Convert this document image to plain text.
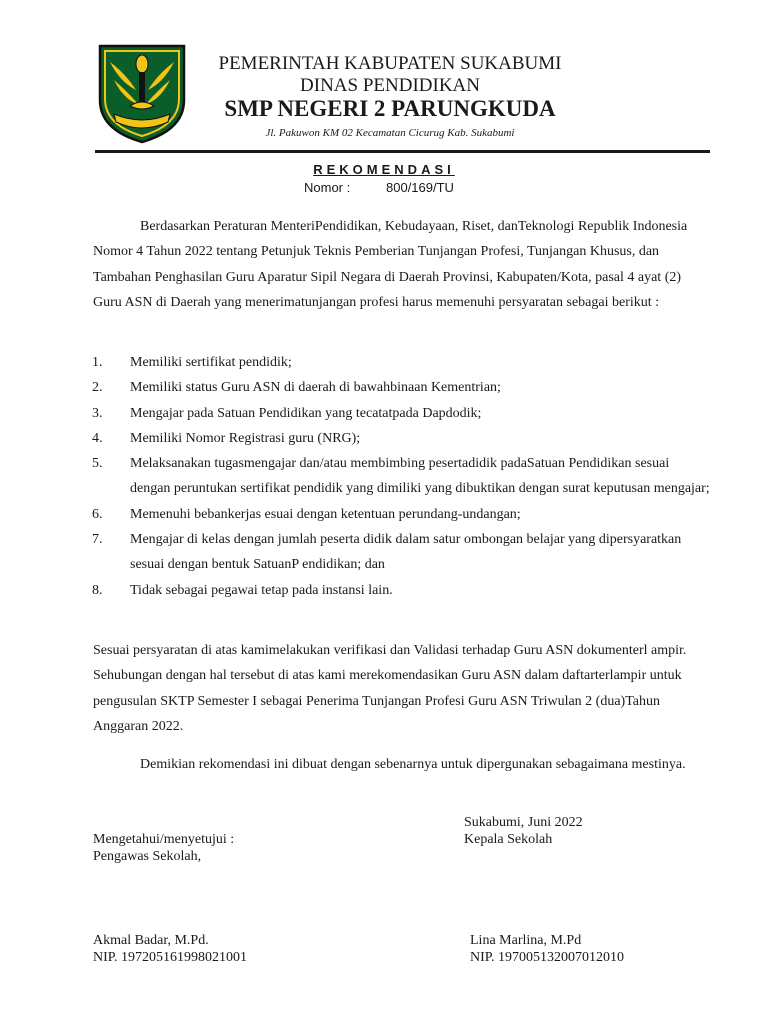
PEMERINTAH KABUPATEN SUKABUMI
DINAS PENDIDIKAN
SMP NEGERI 2 PARUNGKUDA
Jl. Pakuwon KM 02 Kecamatan Cicurug Kab. Sukabumi
REKOMENDASI
Nomor :	800/169/TU

Berdasarkan Peraturan MenteriPendidikan, Kebudayaan, Riset, danTeknologi Republik Indonesia Nomor 4 Tahun 2022 tentang Petunjuk Teknis Pemberian Tunjangan Profesi, Tunjangan Khusus, dan Tambahan Penghasilan Guru Aparatur Sipil Negara di Daerah Provinsi, Kabupaten/Kota, pasal 4 ayat (2) Guru ASN di Daerah yang menerimatunjangan profesi harus memenuhi persyaratan sebagai berikut :

1. Memiliki sertifikat pendidik;
2. Memiliki status Guru ASN di daerah di bawahbinaan Kementrian;
3. Mengajar pada Satuan Pendidikan yang tecatatpada Dapdodik;
4. Memiliki Nomor Registrasi guru (NRG);
5. Melaksanakan tugasmengajar dan/atau membimbing pesertadidik padaSatuan Pendidikan sesuai dengan peruntukan sertifikat pendidik yang dimiliki yang dibuktikan dengan surat keputusan mengajar;
6. Memenuhi bebankerjas esuai dengan ketentuan perundang-undangan;
7. Mengajar di kelas dengan jumlah peserta didik dalam satur ombongan belajar yang dipersyaratkan sesuai dengan bentuk SatuanP endidikan; dan
8. Tidak sebagai pegawai tetap pada instansi lain.

Sesuai persyaratan di atas kamimelakukan verifikasi dan Validasi terhadap Guru ASN dokumenterl ampir. Sehubungan dengan hal tersebut di atas kami merekomendasikan Guru ASN dalam daftarterlampir untuk pengusulan SKTP Semester I sebagai Penerima Tunjangan Profesi Guru ASN Triwulan 2 (dua)Tahun Anggaran 2022.

Demikian rekomendasi ini dibuat dengan sebenarnya untuk dipergunakan sebagaimana mestinya.

Sukabumi, Juni 2022
Mengetahui/menyetujui :	Kepala Sekolah
Pengawas Sekolah,
Akmal Badar, M.Pd.
NIP. 197205161998021001
Lina Marlina, M.Pd
NIP. 197005132007012010
